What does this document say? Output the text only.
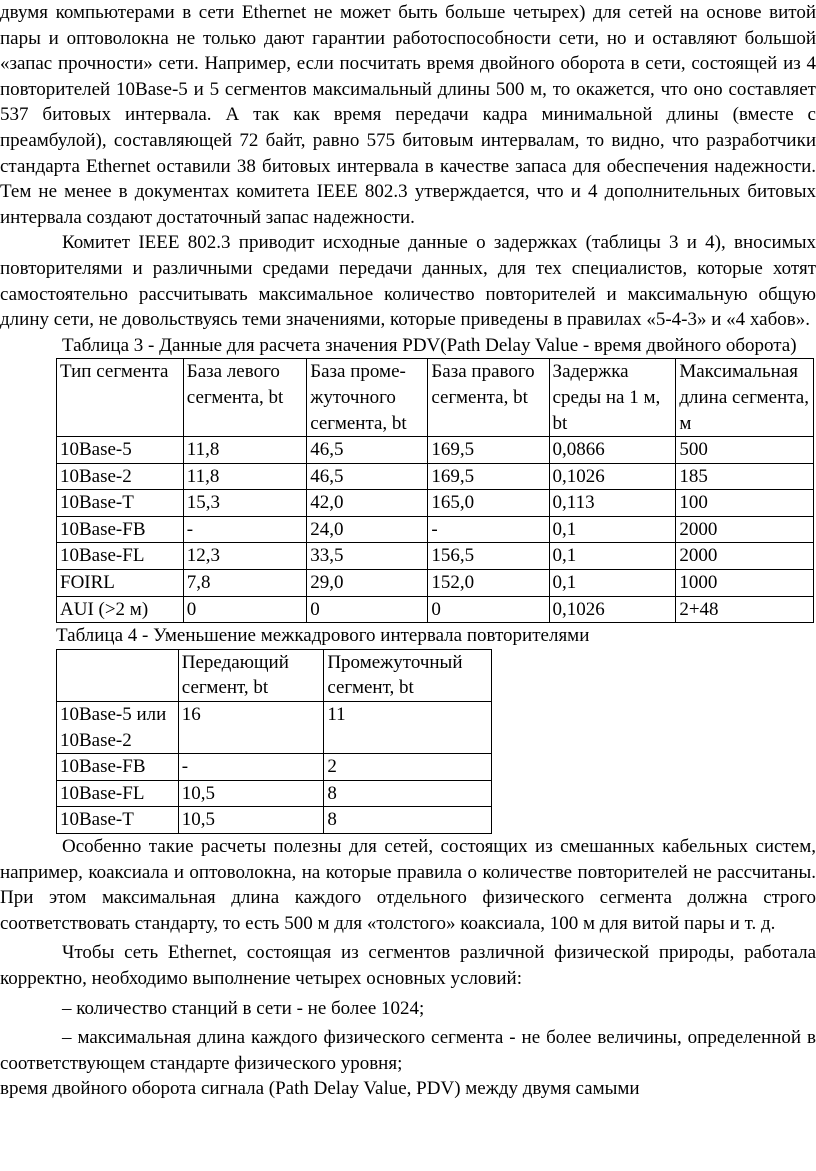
двумя компьютерами в сети Ethernet не может быть больше четырех) для сетей на основе витой пары и оптоволокна не только дают гарантии работоспособности сети, но и оставляют большой «запас прочности» сети. Например, если посчитать время двойного оборота в сети, состоящей из 4 повторителей 10Base-5 и 5 сегментов максимальный длины 500 м, то окажется, что оно составляет 537 битовых интервала. А так как время передачи кадра минимальной длины (вместе с преамбулой), составляющей 72 байт, равно 575 битовым интервалам, то видно, что разработчики стандарта Ethernet оставили 38 битовых интервала в качестве запаса для обеспечения надежности. Тем не менее в документах комитета IEEE 802.3 утверждается, что и 4 дополнительных битовых интервала создают достаточный запас надежности.

Комитет IEEE 802.3 приводит исходные данные о задержках (таблицы 3 и 4), вносимых повторителями и различными средами передачи данных, для тех специалистов, которые хотят самостоятельно рассчитывать максимальное количество повторителей и максимальную общую длину сети, не довольствуясь теми значениями, которые приведены в правилах «5-4-3» и «4 хабов».

Таблица 3 - Данные для расчета значения PDV(Path Delay Value - время двойного оборота)

Тип сегмента	База левого сегмента, bt	База проме-жуточного сегмента, bt	База правого сегмента, bt	Задержка среды на 1 м, bt	Максимальная длина сегмента, м
10Base-5	11,8	46,5	169,5	0,0866	500
10Base-2	11,8	46,5	169,5	0,1026	185
10Base-T	15,3	42,0	165,0	0,113	100
10Base-FB	-	24,0	-	0,1	2000
10Base-FL	12,3	33,5	156,5	0,1	2000
FOIRL	7,8	29,0	152,0	0,1	1000
AUI (>2 м)	0	0	0	0,1026	2+48

Таблица 4 - Уменьшение межкадрового интервала повторителями

	Передающий сегмент, bt	Промежуточный сегмент, bt
10Base-5 или 10Base-2	16	11
10Base-FB	-	2
10Base-FL	10,5	8
10Base-T	10,5	8

Особенно такие расчеты полезны для сетей, состоящих из смешанных кабельных систем, например, коаксиала и оптоволокна, на которые правила о количестве повторителей не рассчитаны. При этом максимальная длина каждого отдельного физического сегмента должна строго соответствовать стандарту, то есть 500 м для «толстого» коаксиала, 100 м для витой пары и т. д.

Чтобы сеть Ethernet, состоящая из сегментов различной физической природы, работала корректно, необходимо выполнение четырех основных условий:

– количество станций в сети - не более 1024;

– максимальная длина каждого физического сегмента - не более величины, определенной в соответствующем стандарте физического уровня;

время двойного оборота сигнала (Path Delay Value, PDV) между двумя самыми
